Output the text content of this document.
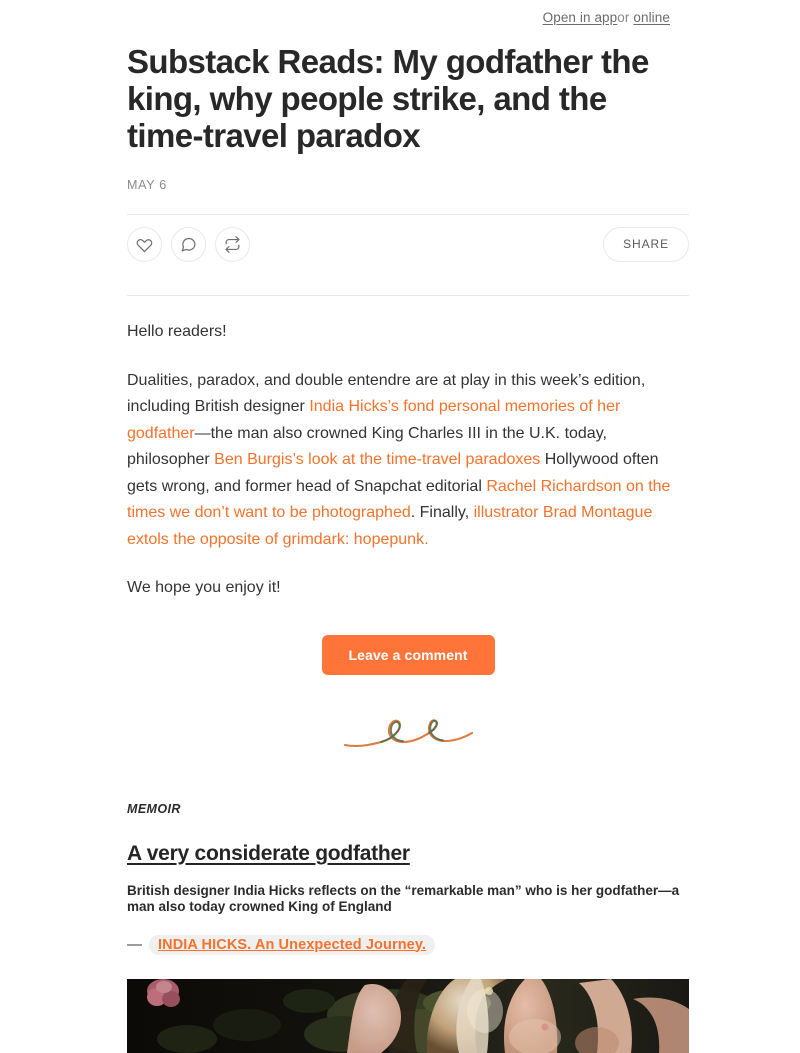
Open in appor online
Substack Reads: My godfather the king, why people strike, and the time-travel paradox
MAY 6
SHARE

Hello readers!

Dualities, paradox, and double entendre are at play in this week’s edition, including British designer India Hicks’s fond personal memories of her godfather—the man also crowned King Charles III in the U.K. today, philosopher Ben Burgis’s look at the time-travel paradoxes Hollywood often gets wrong, and former head of Snapchat editorial Rachel Richardson on the times we don’t want to be photographed. Finally, illustrator Brad Montague extols the opposite of grimdark: hopepunk.

We hope you enjoy it!

Leave a comment
MEMOIR
A very considerate godfather
British designer India Hicks reflects on the “remarkable man” who is her godfather—a man also today crowned King of England
—	INDIA HICKS. An Unexpected Journey.
